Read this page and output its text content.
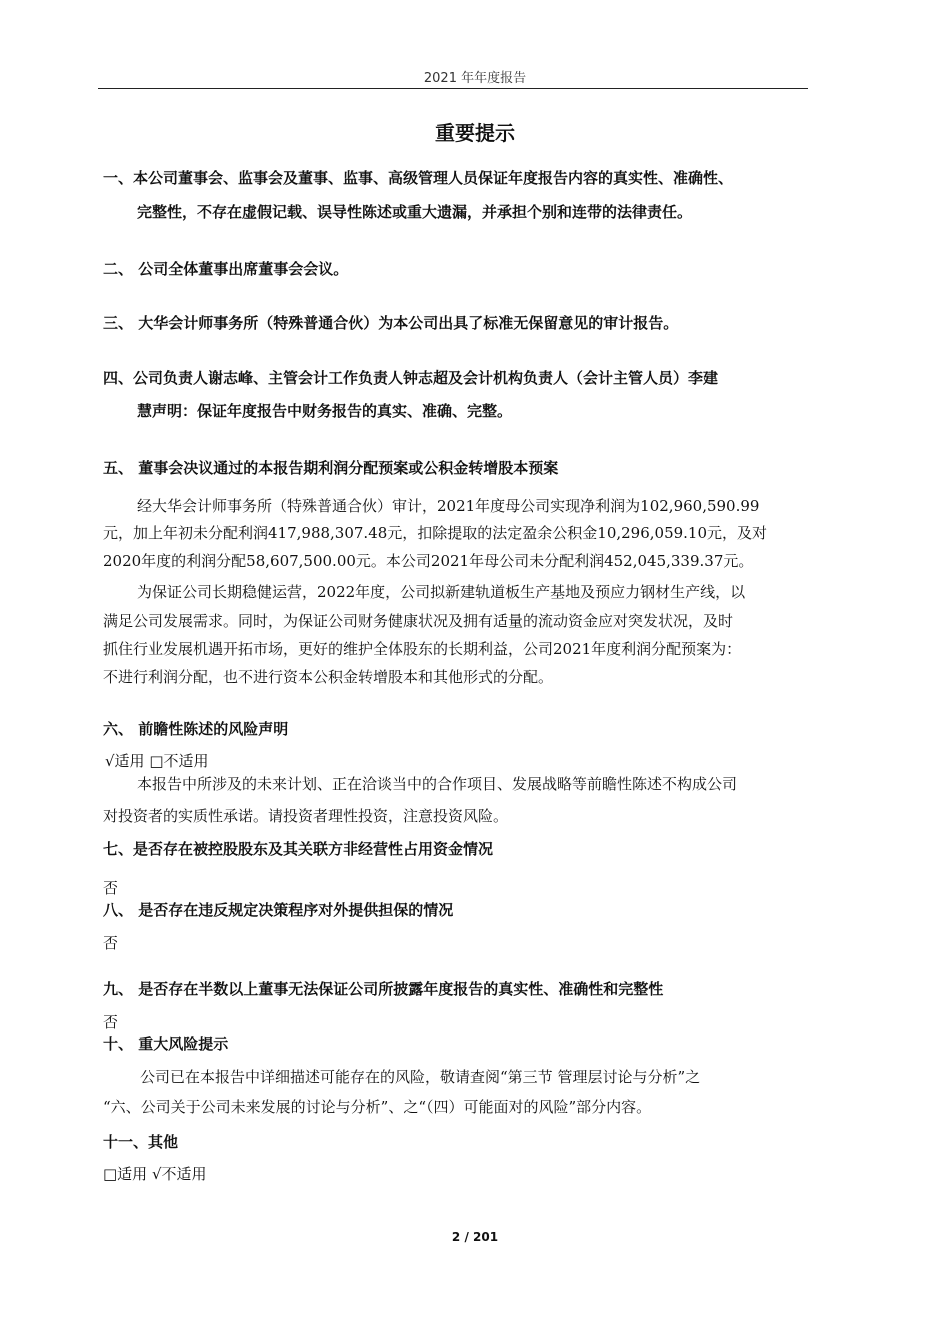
2021 年年度报告
重要提示
一、本公司董事会、监事会及董事、监事、高级管理人员保证年度报告内容的真实性、准确性、
完整性，不存在虚假记载、误导性陈述或重大遗漏，并承担个别和连带的法律责任。
二、 公司全体董事出席董事会会议。
三、 大华会计师事务所（特殊普通合伙）为本公司出具了标准无保留意见的审计报告。
四、公司负责人谢志峰、主管会计工作负责人钟志超及会计机构负责人（会计主管人员）李建
慧声明：保证年度报告中财务报告的真实、准确、完整。
五、 董事会决议通过的本报告期利润分配预案或公积金转增股本预案
经大华会计师事务所（特殊普通合伙）审计，2021年度母公司实现净利润为102,960,590.99
元，加上年初未分配利润417,988,307.48元，扣除提取的法定盈余公积金10,296,059.10元，及对
2020年度的利润分配58,607,500.00元。本公司2021年母公司未分配利润452,045,339.37元。
为保证公司长期稳健运营，2022年度，公司拟新建轨道板生产基地及预应力钢材生产线，以
满足公司发展需求。同时，为保证公司财务健康状况及拥有适量的流动资金应对突发状况，及时
抓住行业发展机遇开拓市场，更好的维护全体股东的长期利益，公司2021年度利润分配预案为：
不进行利润分配，也不进行资本公积金转增股本和其他形式的分配。
六、 前瞻性陈述的风险声明
√适用 □不适用
本报告中所涉及的未来计划、正在洽谈当中的合作项目、发展战略等前瞻性陈述不构成公司
对投资者的实质性承诺。请投资者理性投资，注意投资风险。
七、是否存在被控股股东及其关联方非经营性占用资金情况
否
八、 是否存在违反规定决策程序对外提供担保的情况
否
九、 是否存在半数以上董事无法保证公司所披露年度报告的真实性、准确性和完整性
否
十、 重大风险提示
公司已在本报告中详细描述可能存在的风险，敬请查阅“第三节 管理层讨论与分析”之
“六、公司关于公司未来发展的讨论与分析”、之“（四）可能面对的风险”部分内容。
十一、其他
□适用 √不适用
2 / 201
